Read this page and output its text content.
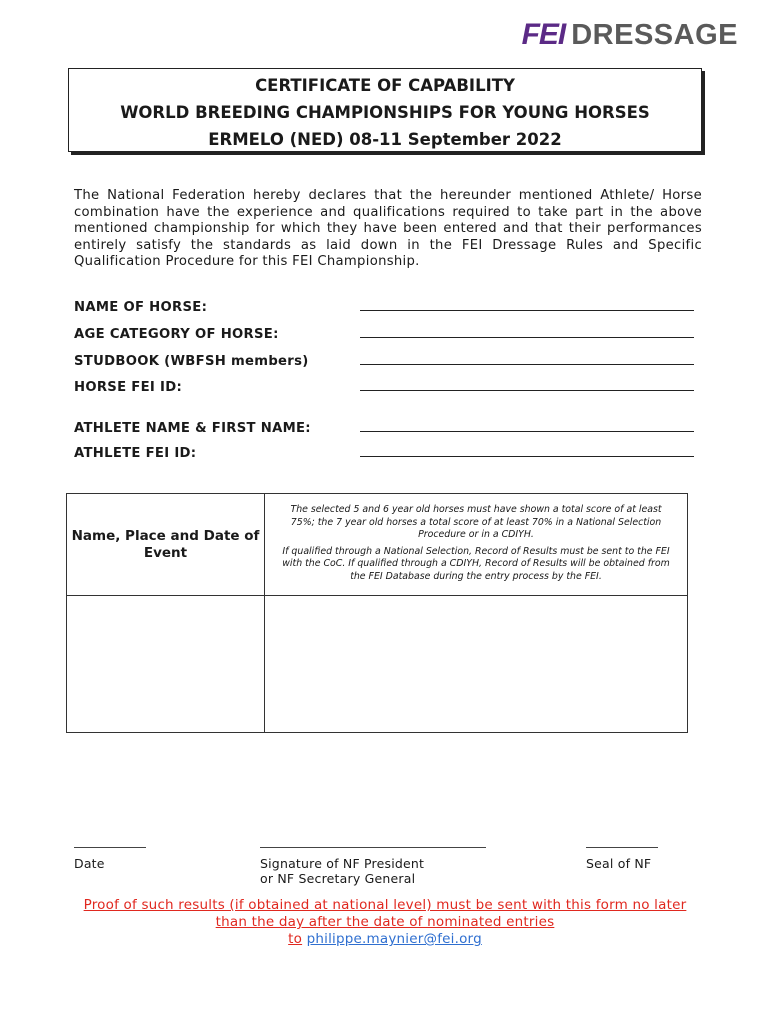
FEI DRESSAGE
CERTIFICATE OF CAPABILITY
WORLD BREEDING CHAMPIONSHIPS FOR YOUNG HORSES
ERMELO (NED) 08-11 September 2022
The National Federation hereby declares that the hereunder mentioned Athlete/ Horse combination have the experience and qualifications required to take part in the above mentioned championship for which they have been entered and that their performances entirely satisfy the standards as laid down in the FEI Dressage Rules and Specific Qualification Procedure for this FEI Championship.
NAME OF HORSE:
AGE CATEGORY OF HORSE:
STUDBOOK (WBFSH members)
HORSE FEI ID:
ATHLETE NAME & FIRST NAME:
ATHLETE FEI ID:
Name, Place and Date of Event

The selected 5 and 6 year old horses must have shown a total score of at least 75%; the 7 year old horses a total score of at least 70% in a National Selection Procedure or in a CDIYH.

If qualified through a National Selection, Record of Results must be sent to the FEI with the CoC. If qualified through a CDIYH, Record of Results will be obtained from the FEI Database during the entry process by the FEI.

Date	Signature of NF President
or NF Secretary General
Seal of NF
Proof of such results (if obtained at national level) must be sent with this form no later
than the day after the date of nominated entries
to philippe.maynier@fei.org
